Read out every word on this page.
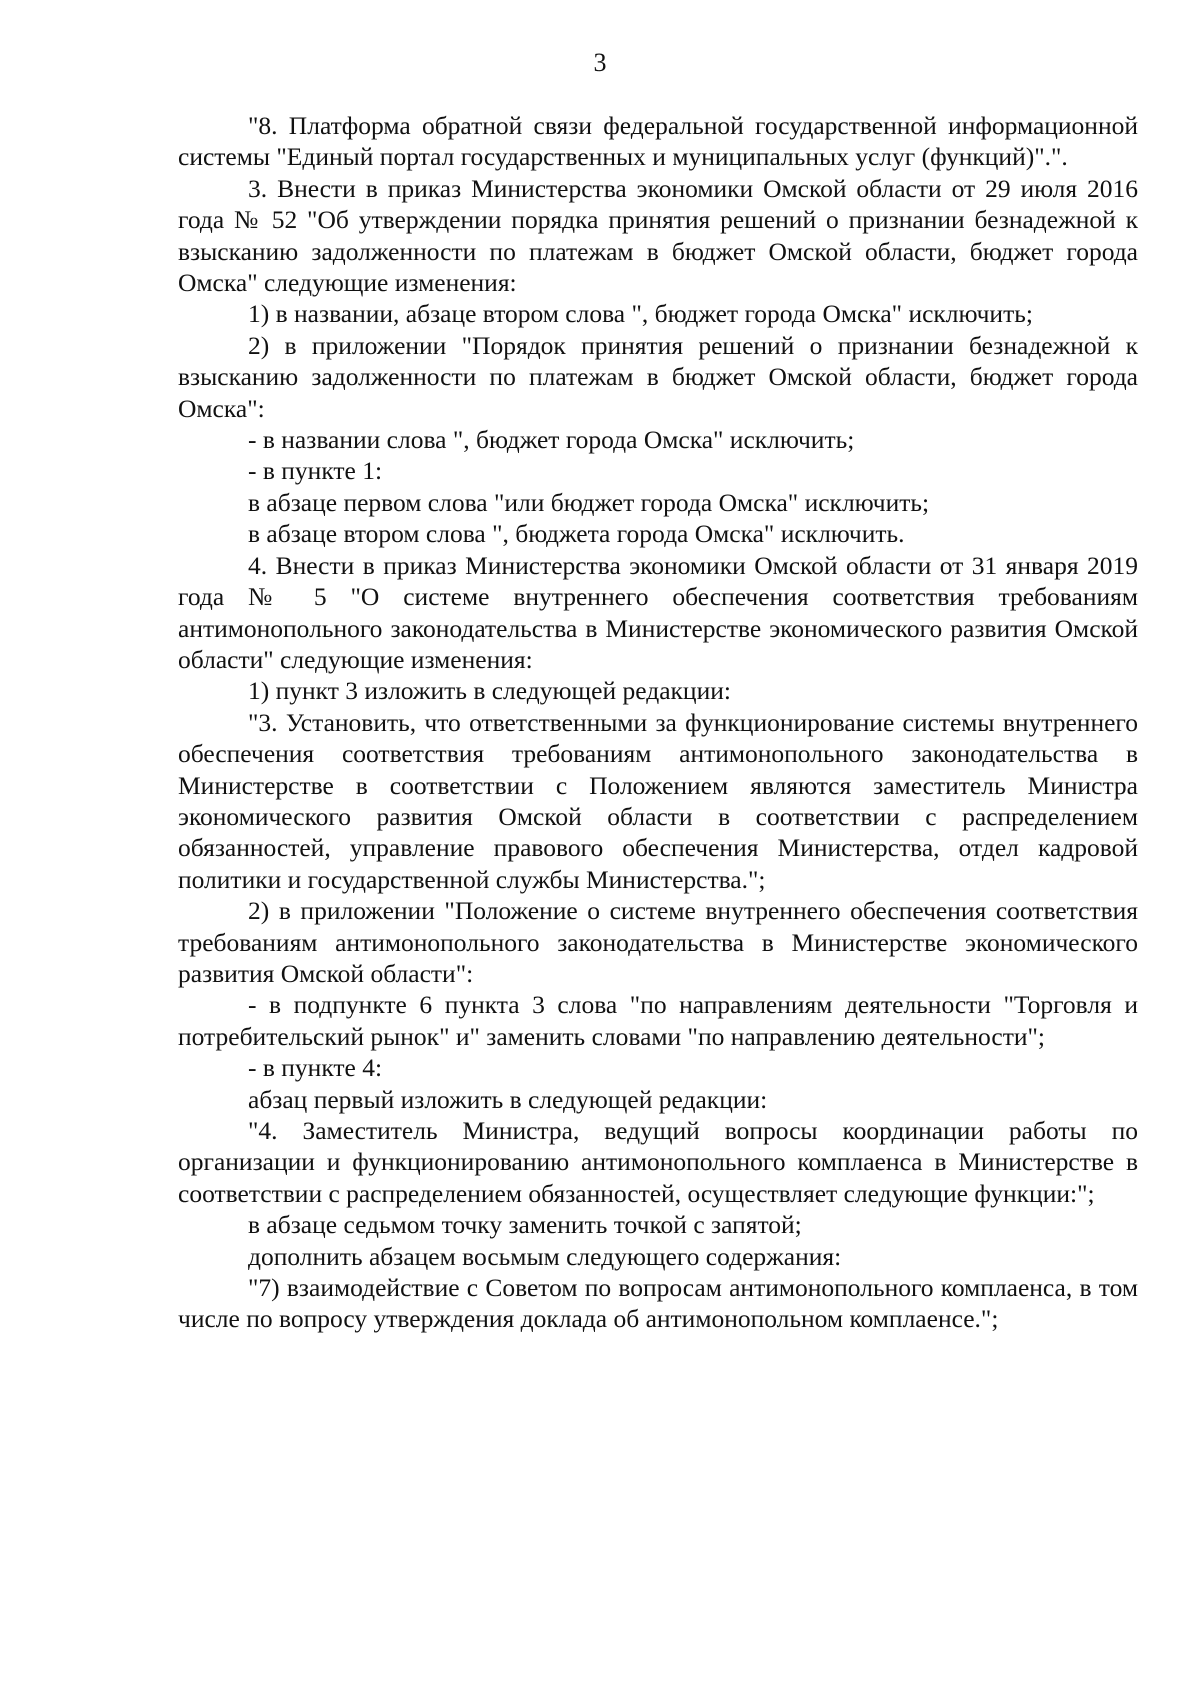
3

"8. Платформа обратной связи федеральной государственной информационной системы "Единый портал государственных и муниципальных услуг (функций)".".

3. Внести в приказ Министерства экономики Омской области от 29 июля 2016 года № 52 "Об утверждении порядка принятия решений о признании безнадежной к взысканию задолженности по платежам в бюджет Омской области, бюджет города Омска" следующие изменения:

1) в названии, абзаце втором слова ", бюджет города Омска" исключить;

2) в приложении "Порядок принятия решений о признании безнадежной к взысканию задолженности по платежам в бюджет Омской области, бюджет города Омска":

- в названии слова ", бюджет города Омска" исключить;

- в пункте 1:

в абзаце первом слова "или бюджет города Омска" исключить;

в абзаце втором слова ", бюджета города Омска" исключить.

4. Внести в приказ Министерства экономики Омской области от 31 января 2019 года № 5 "О системе внутреннего обеспечения соответствия требованиям антимонопольного законодательства в Министерстве экономического развития Омской области" следующие изменения:

1) пункт 3 изложить в следующей редакции:

"3. Установить, что ответственными за функционирование системы внутреннего обеспечения соответствия требованиям антимонопольного законодательства в Министерстве в соответствии с Положением являются заместитель Министра экономического развития Омской области в соответствии с распределением обязанностей, управление правового обеспечения Министерства, отдел кадровой политики и государственной службы Министерства.";

2) в приложении "Положение о системе внутреннего обеспечения соответствия требованиям антимонопольного законодательства в Министерстве экономического развития Омской области":

- в подпункте 6 пункта 3 слова "по направлениям деятельности "Торговля и потребительский рынок" и" заменить словами "по направлению деятельности";

- в пункте 4:

абзац первый изложить в следующей редакции:

"4. Заместитель Министра, ведущий вопросы координации работы по организации и функционированию антимонопольного комплаенса в Министерстве в соответствии с распределением обязанностей, осуществляет следующие функции:";

в абзаце седьмом точку заменить точкой с запятой;

дополнить абзацем восьмым следующего содержания:

"7) взаимодействие с Советом по вопросам антимонопольного комплаенса, в том числе по вопросу утверждения доклада об антимонопольном комплаенсе.";
